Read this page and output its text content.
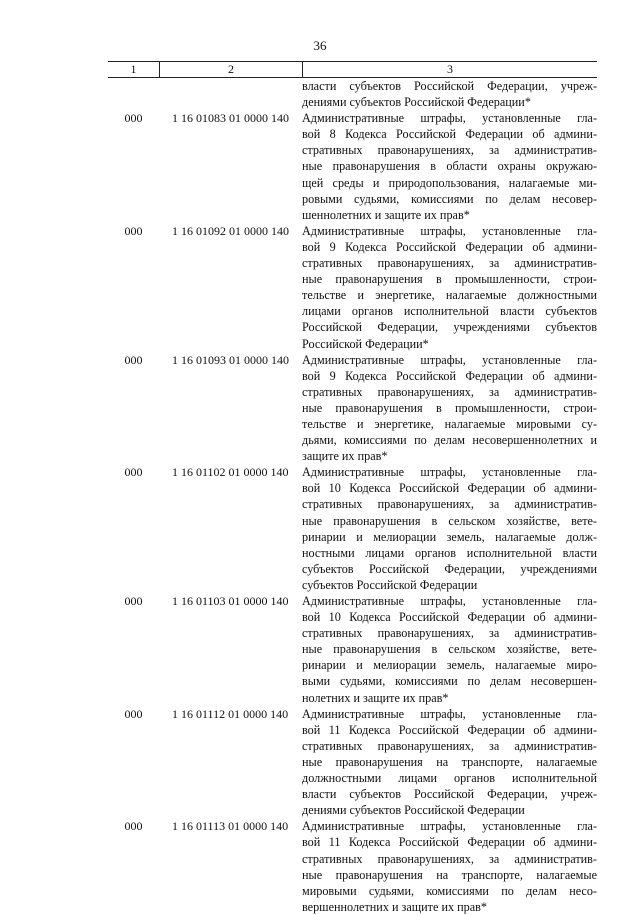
36
1	2	3
власти субъектов Российской Федерации, учреж-
дениями субъектов Российской Федерации*
000	1 16 01083 01 0000 140	Административные штрафы, установленные гла-
вой 8 Кодекса Российской Федерации об админи-
стративных правонарушениях, за административ-
ные правонарушения в области охраны окружаю-
щей среды и природопользования, налагаемые ми-
ровыми судьями, комиссиями по делам несовер-
шеннолетних и защите их прав*
000	1 16 01092 01 0000 140	Административные штрафы, установленные гла-
вой 9 Кодекса Российской Федерации об админи-
стративных правонарушениях, за административ-
ные правонарушения в промышленности, строи-
тельстве и энергетике, налагаемые должностными
лицами органов исполнительной власти субъектов
Российской Федерации, учреждениями субъектов
Российской Федерации*
000	1 16 01093 01 0000 140	Административные штрафы, установленные гла-
вой 9 Кодекса Российской Федерации об админи-
стративных правонарушениях, за административ-
ные правонарушения в промышленности, строи-
тельстве и энергетике, налагаемые мировыми су-
дьями, комиссиями по делам несовершеннолетних и
защите их прав*
000	1 16 01102 01 0000 140	Административные штрафы, установленные гла-
вой 10 Кодекса Российской Федерации об админи-
стративных правонарушениях, за административ-
ные правонарушения в сельском хозяйстве, вете-
ринарии и мелиорации земель, налагаемые долж-
ностными лицами органов исполнительной власти
субъектов Российской Федерации, учреждениями
субъектов Российской Федерации
000	1 16 01103 01 0000 140	Административные штрафы, установленные гла-
вой 10 Кодекса Российской Федерации об админи-
стративных правонарушениях, за административ-
ные правонарушения в сельском хозяйстве, вете-
ринарии и мелиорации земель, налагаемые миро-
выми судьями, комиссиями по делам несовершен-
нолетних и защите их прав*
000	1 16 01112 01 0000 140	Административные штрафы, установленные гла-
вой 11 Кодекса Российской Федерации об админи-
стративных правонарушениях, за административ-
ные правонарушения на транспорте, налагаемые
должностными лицами органов исполнительной
власти субъектов Российской Федерации, учреж-
дениями субъектов Российской Федерации
000	1 16 01113 01 0000 140	Административные штрафы, установленные гла-
вой 11 Кодекса Российской Федерации об админи-
стративных правонарушениях, за административ-
ные правонарушения на транспорте, налагаемые
мировыми судьями, комиссиями по делам несо-
вершеннолетних и защите их прав*
